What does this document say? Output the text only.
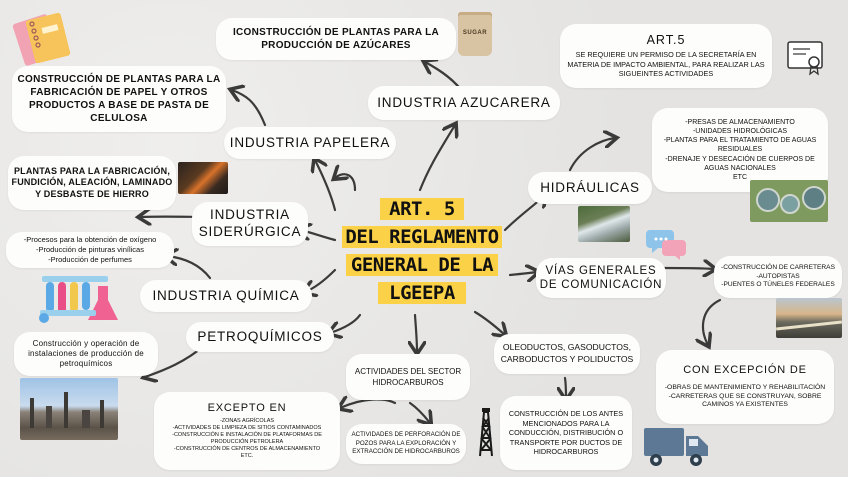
ART. 5
DEL REGLAMENTO
GENERAL DE LA
LGEEPA
INDUSTRIA AZUCARERA
ICONSTRUCCIÓN DE PLANTAS PARA LA PRODUCCIÓN DE AZÚCARES
INDUSTRIA PAPELERA
CONSTRUCCIÓN DE PLANTAS PARA LA FABRICACIÓN DE PAPEL Y OTROS PRODUCTOS A BASE DE PASTA DE CELULOSA
INDUSTRIA SIDERÚRGICA
PLANTAS PARA LA FABRICACIÓN, FUNDICIÓN, ALEACIÓN, LAMINADO Y DESBASTE DE HIERRO
INDUSTRIA QUÍMICA
-Procesos para la obtención de oxígeno
-Producción de pinturas vinílicas
-Producción de perfumes
PETROQUÍMICOS
Construcción y operación de instalaciones de producción de petroquímicos
HIDRÁULICAS
-PRESAS DE ALMACENAMIENTO
-UNIDADES HIDROLÓGICAS
-PLANTAS PARA EL TRATAMIENTO DE AGUAS RESIDUALES
-DRENAJE Y DESECACIÓN DE CUERPOS DE AGUAS NACIONALES
ETC
ART.5
SE REQUIERE UN PERMISO DE LA SECRETARÍA EN MATERIA DE IMPACTO AMBIENTAL, PARA REALIZAR LAS SIGUEINTES ACTIVIDADES
VÍAS GENERALES DE COMUNICACIÓN
-CONSTRUCCIÓN DE CARRETERAS
-AUTOPISTAS
-PUENTES O TÚNELES FEDERALES
CON EXCEPCIÓN DE
-OBRAS DE MANTENIMIENTO Y REHABILITACIÓN
-CARRETERAS QUE SE CONSTRUYAN, SOBRE CAMINOS YA EXISTENTES
OLEODUCTOS, GASODUCTOS, CARBODUCTOS Y POLIDUCTOS
CONSTRUCCIÓN DE LOS ANTES MENCIONADOS PARA LA CONDUCCIÓN, DISTRIBUCIÓN O TRANSPORTE POR DUCTOS DE HIDROCARBUROS
ACTIVIDADES DEL SECTOR HIDROCARBUROS
ACTIVIDADES DE PERFORACIÓN DE POZOS PARA LA EXPLORACIÓN Y EXTRACCIÓN DE HIDROCARBUROS
EXCEPTO EN
-ZONAS AGRÍCOLAS
-ACTIVIDADES DE LIMPIEZA DE SITIOS CONTAMINADOS
-CONSTRUCCIÓN E INSTALACIÓN DE PLATAFORMAS DE PRODUCCIÓN PETROLERA
-CONSTRUCCIÓN DE CENTROS DE ALMACENAMIENTO
ETC.
SUGAR
